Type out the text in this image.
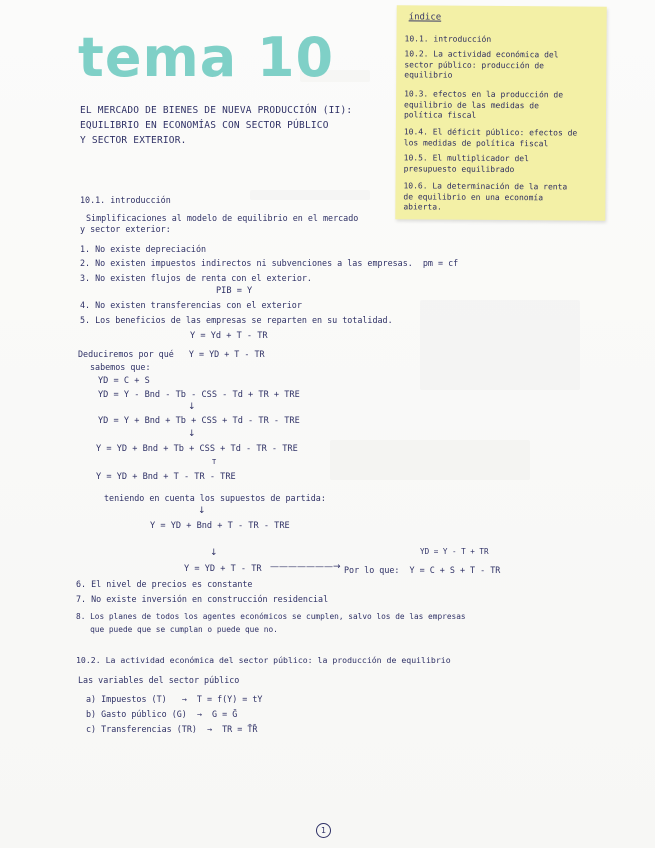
tema 10
EL MERCADO DE BIENES DE NUEVA PRODUCCIÓN (II):
EQUILIBRIO EN ECONOMÍAS CON SECTOR PÚBLICO
Y SECTOR EXTERIOR.
índice
10.1. introducción
10.2. La actividad económica del
sector público: producción de
equilibrio
10.3. efectos en la producción de
equilibrio de las medidas de
política fiscal
10.4. El déficit público: efectos de
los medidas de política fiscal
10.5. El multiplicador del
presupuesto equilibrado
10.6. La determinación de la renta
de equilibrio en una economía
abierta.
10.1. introducción
Simplificaciones al modelo de equilibrio en el mercado
y sector exterior:
1. No existe depreciación
2. No existen impuestos indirectos ni subvenciones a las empresas.  pm = cf
3. No existen flujos de renta con el exterior.
PIB = Y
4. No existen transferencias con el exterior
5. Los beneficios de las empresas se reparten en su totalidad.
Y = Yd + T - TR
Deduciremos por qué   Y = YD + T - TR
sabemos que:
YD = C + S
YD = Y - Bnd - Tb - CSS - Td + TR + TRE
↓
YD = Y + Bnd + Tb + CSS + Td - TR - TRE
↓
Y = YD + Bnd + Tb + CSS + Td - TR - TRE
T
Y = YD + Bnd + T - TR - TRE
teniendo en cuenta los supuestos de partida:
↓
Y = YD + Bnd + T - TR - TRE
YD = Y - T + TR
↓
Y = YD + T - TR ———————→ Por lo que:  Y = C + S + T - TR
6. El nivel de precios es constante
7. No existe inversión en construcción residencial
8. Los planes de todos los agentes económicos se cumplen, salvo los de las empresas
que puede que se cumplan o puede que no.
10.2. La actividad económica del sector público: la producción de equilibrio
Las variables del sector público
a) Impuestos (T)   →  T = f(Y) = tY
b) Gasto público (G)  →  G = Ḡ
c) Transferencias (TR)  →  TR = T̄R̄
1
